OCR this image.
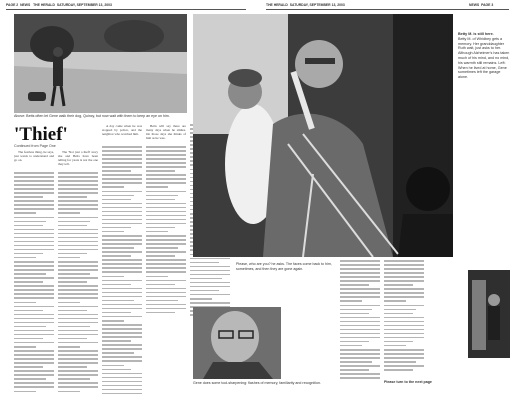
PAGE 2 NEWS THE HERALD SATURDAY, SEPTEMBER 13, 2003	THE HERALD SATURDAY, SEPTEMBER 13, 2003	NEWS PAGE 3
Above: Betts often let Gene walk their dog, Quincy, but now wait with them to keep an eye on him.
'Thief'
Continued from Page One

The fearless thing, he says, just wants to understand and go on.

The 'Not just a theft' story she and Betts have been telling for years is not the one they tell.

A day came when he was stopped by police, and the neighbor who watched him.

Betts will say there are many days when he smiles. On those days she thinks of him as he was.

Betty M. is still here.
Betty M. of Whidbey gets a memory. Her granddaughter Ruth wait, just asks to her. Although Alzheimer's has taken much of his mind, and no mind, his warmth still remains. Left: When he lived at home, Gene sometimes left the garage alone.
Please, who are you? he asks. The faces come back to him, sometimes, and then they are gone again.
Please turn to the next page
Gene does some tool-sharpening: flashes of memory, familiarity and recognition.
